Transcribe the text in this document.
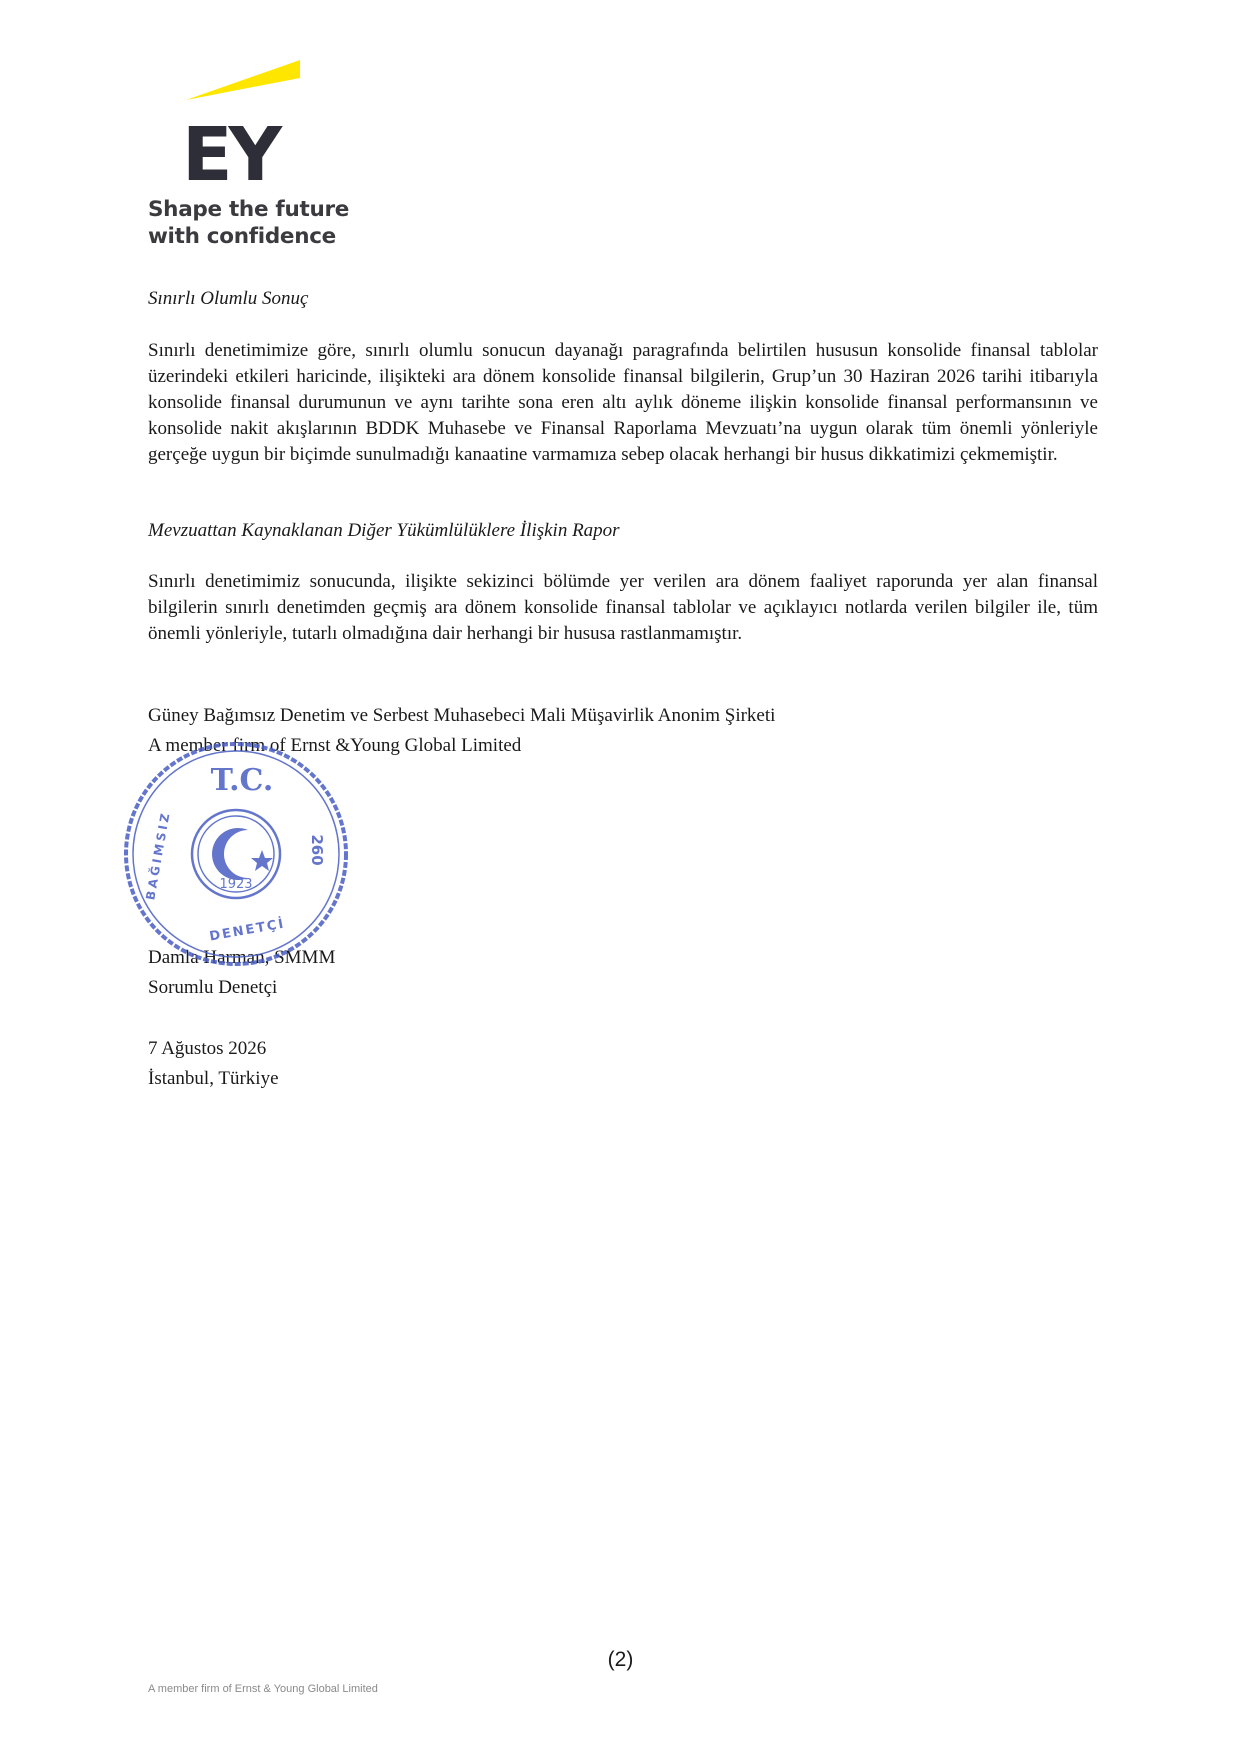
EY
Shape the future
with confidence
Sınırlı Olumlu Sonuç
Sınırlı denetimimize göre, sınırlı olumlu sonucun dayanağı paragrafında belirtilen hususun konsolide finansal tablolar üzerindeki etkileri haricinde, ilişikteki ara dönem konsolide finansal bilgilerin, Grup’un 30 Haziran 2026 tarihi itibarıyla konsolide finansal durumunun ve aynı tarihte sona eren altı aylık döneme ilişkin konsolide finansal performansının ve konsolide nakit akışlarının BDDK Muhasebe ve Finansal Raporlama Mevzuatı’na uygun olarak tüm önemli yönleriyle gerçeğe uygun bir biçimde sunulmadığı kanaatine varmamıza sebep olacak herhangi bir husus dikkatimizi çekmemiştir.
Mevzuattan Kaynaklanan Diğer Yükümlülüklere İlişkin Rapor
Sınırlı denetimimiz sonucunda, ilişikte sekizinci bölümde yer verilen ara dönem faaliyet raporunda yer alan finansal bilgilerin sınırlı denetimden geçmiş ara dönem konsolide finansal tablolar ve açıklayıcı notlarda verilen bilgiler ile, tüm önemli yönleriyle, tutarlı olmadığına dair herhangi bir hususa rastlanmamıştır.
Güney Bağımsız Denetim ve Serbest Muhasebeci Mali Müşavirlik Anonim Şirketi
A member firm of Ernst &Young Global Limited
Damla Harman, SMMM
Sorumlu Denetçi
7 Ağustos 2026
İstanbul, Türkiye
1923
T.C.
BAĞIMSIZ	260
DENETÇİ
(2)
A member firm of Ernst & Young Global Limited
